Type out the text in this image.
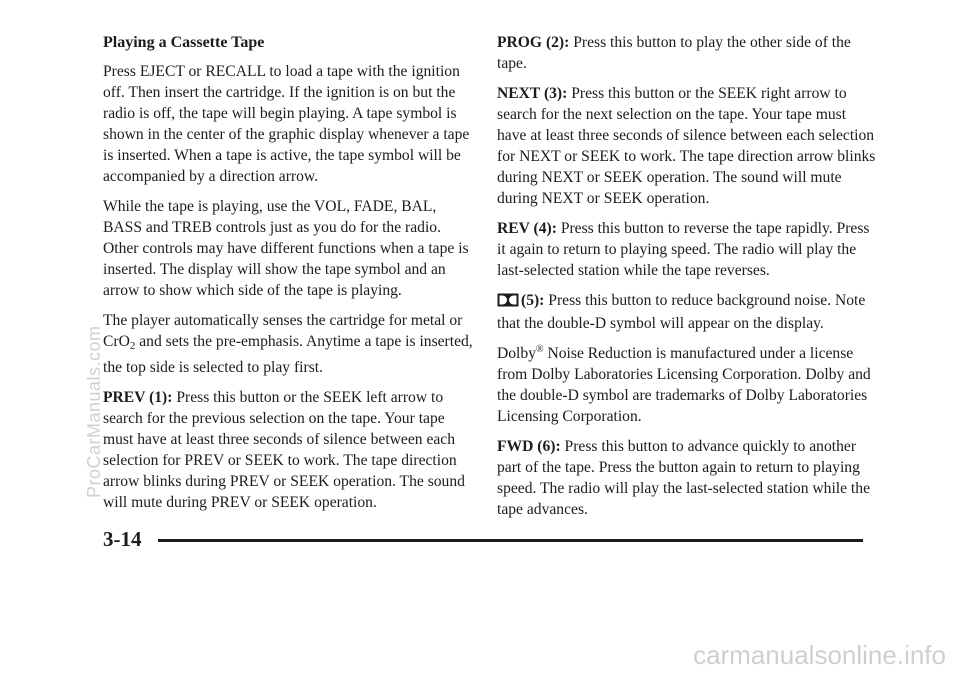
Playing a Cassette Tape

Press EJECT or RECALL to load a tape with the ignition off. Then insert the cartridge. If the ignition is on but the radio is off, the tape will begin playing. A tape symbol is shown in the center of the graphic display whenever a tape is inserted. When a tape is active, the tape symbol will be accompanied by a direction arrow.

While the tape is playing, use the VOL, FADE, BAL, BASS and TREB controls just as you do for the radio. Other controls may have different functions when a tape is inserted. The display will show the tape symbol and an arrow to show which side of the tape is playing.

The player automatically senses the cartridge for metal or CrO$_2$ and sets the pre-emphasis. Anytime a tape is inserted, the top side is selected to play first.

PREV (1): Press this button or the SEEK left arrow to search for the previous selection on the tape. Your tape must have at least three seconds of silence between each selection for PREV or SEEK to work. The tape direction arrow blinks during PREV or SEEK operation. The sound will mute during PREV or SEEK operation.

PROG (2): Press this button to play the other side of the tape.

NEXT (3): Press this button or the SEEK right arrow to search for the next selection on the tape. Your tape must have at least three seconds of silence between each selection for NEXT or SEEK to work. The tape direction arrow blinks during NEXT or SEEK operation. The sound will mute during NEXT or SEEK operation.

REV (4): Press this button to reverse the tape rapidly. Press it again to return to playing speed. The radio will play the last-selected station while the tape reverses.

(5): Press this button to reduce background noise. Note that the double-D symbol will appear on the display.

Dolby® Noise Reduction is manufactured under a license from Dolby Laboratories Licensing Corporation. Dolby and the double-D symbol are trademarks of Dolby Laboratories Licensing Corporation.

FWD (6): Press this button to advance quickly to another part of the tape. Press the button again to return to playing speed. The radio will play the last-selected station while the tape advances.

3-14
ProCarManuals.com
carmanualsonline.info
